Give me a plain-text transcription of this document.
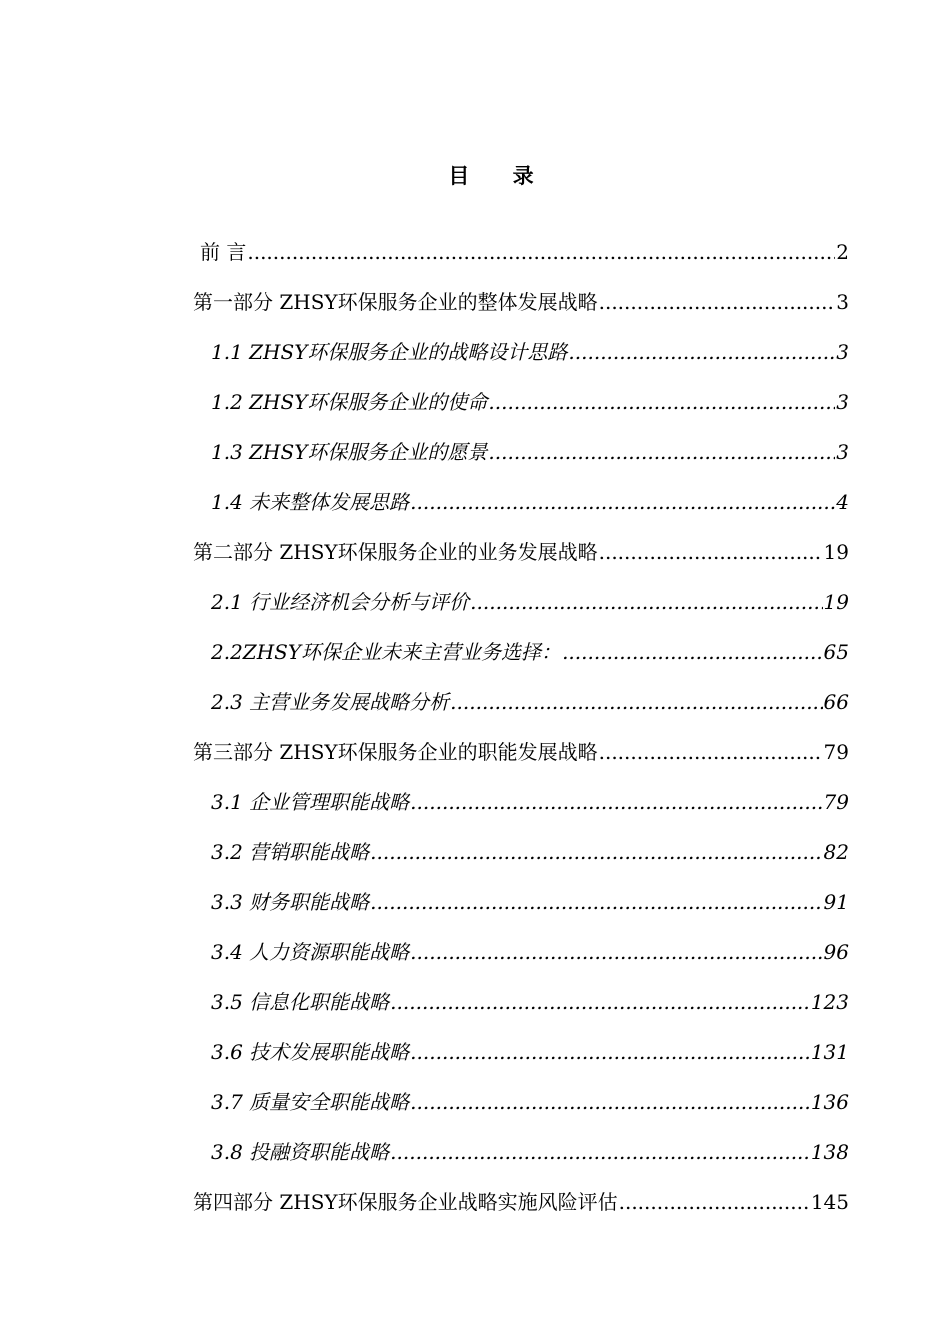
目 录
前 言 .....	2
第一部分 ZHSY环保服务企业的整体发展战略 .....	3
1.1 ZHSY环保服务企业的战略设计思路 .....	3
1.2 ZHSY环保服务企业的使命 .....	3
1.3 ZHSY环保服务企业的愿景 .....	3
1.4 未来整体发展思路 .....	4
第二部分 ZHSY环保服务企业的业务发展战略 .....	19
2.1 行业经济机会分析与评价 .....	19
2.2ZHSY环保企业未来主营业务选择： .....	65
2.3 主营业务发展战略分析 .....	66
第三部分 ZHSY环保服务企业的职能发展战略 .....	79
3.1 企业管理职能战略 .....	79
3.2 营销职能战略 .....	82
3.3 财务职能战略 .....	91
3.4 人力资源职能战略 .....	96
3.5 信息化职能战略 .....	123
3.6 技术发展职能战略 .....	131
3.7 质量安全职能战略 .....	136
3.8 投融资职能战略 .....	138
第四部分 ZHSY环保服务企业战略实施风险评估 .....	145
